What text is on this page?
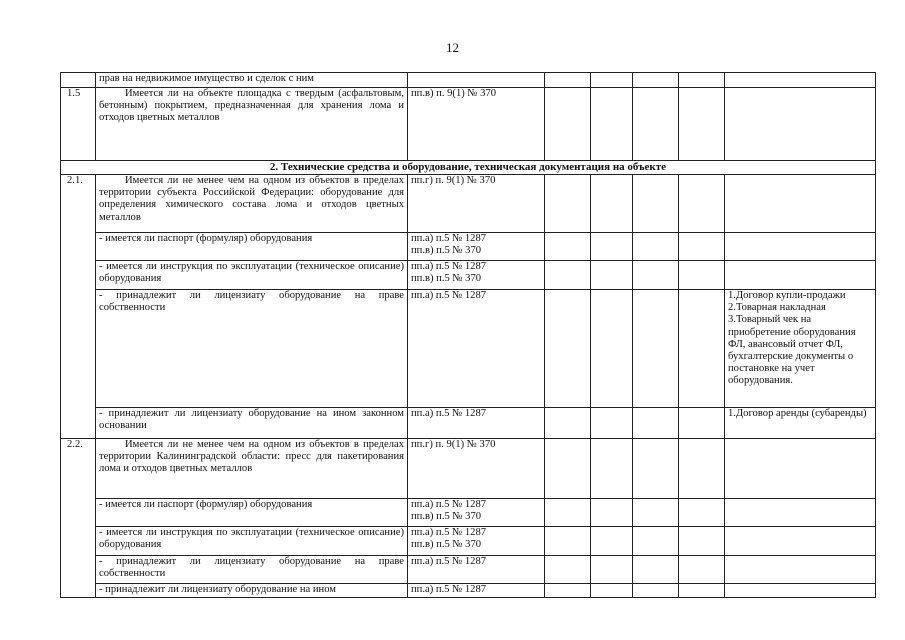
12
	прав на недвижимое имущество и сделок с ним						
1.5	Имеется ли на объекте площадка с твердым (асфальтовым, бетонным) покрытием, предназначенная для хранения лома и отходов цветных металлов	пп.в) п. 9(1) № 370					
2. Технические средства и оборудование, техническая документация на объекте							
2.1.	Имеется ли не менее чем на одном из объектов в пределах территории субъекта Российской Федерации: оборудование для определения химического состава лома и отходов цветных металлов	пп.г) п. 9(1) № 370					
	- имеется ли паспорт (формуляр) оборудования	пп.а) п.5 № 1287
пп.в) п.5 № 370					

	- имеется ли инструкция по эксплуатации (техническое описание) оборудования	пп.а) п.5 № 1287
пп.в) п.5 № 370					

	- принадлежит ли лицензиату оборудование на праве собственности	пп.а) п.5 № 1287					1.Договор купли-продажи
2.Товарная накладная
3.Товарный чек на приобретение оборудования ФЛ, авансовый отчет ФЛ, бухгалтерские документы о постановке на учет оборудования.

	- принадлежит ли лицензиату оборудование на ином законном основании	пп.а) п.5 № 1287					1.Договор аренды (субаренды)
2.2.	Имеется ли не менее чем на одном из объектов в пределах территории Калининградской области: пресс для пакетирования лома и отходов цветных металлов	пп.г) п. 9(1) № 370					
	- имеется ли паспорт (формуляр) оборудования	пп.а) п.5 № 1287
пп.в) п.5 № 370					

	- имеется ли инструкция по эксплуатации (техническое описание) оборудования	пп.а) п.5 № 1287
пп.в) п.5 № 370					

	- принадлежит ли лицензиату оборудование на праве собственности	пп.а) п.5 № 1287					
	- принадлежит ли лицензиату оборудование на ином	пп.а) п.5 № 1287					
